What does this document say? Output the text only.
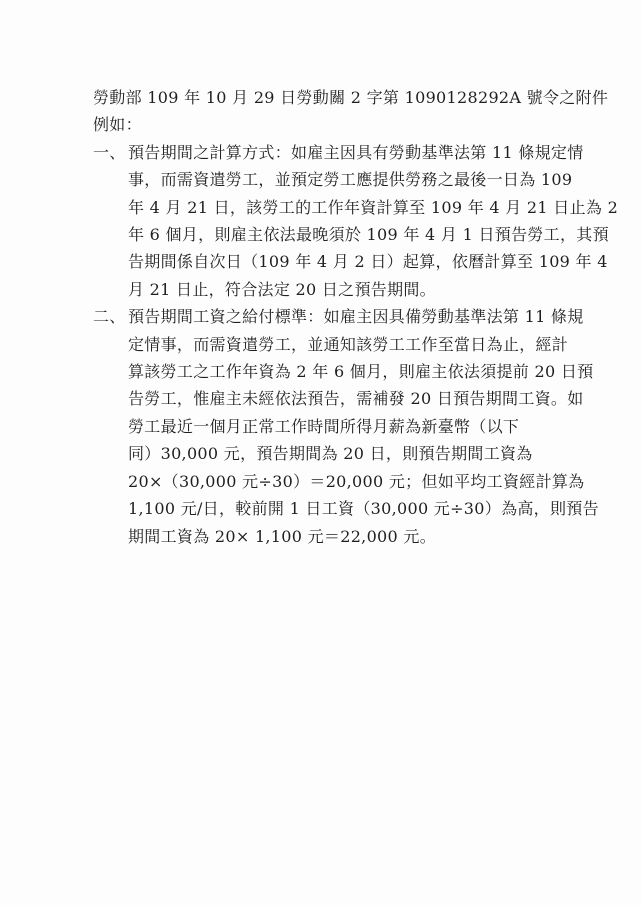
勞動部 109 年 10 月 29 日勞動關 2 字第 1090128292A 號令之附件
例如：
一、 預告期間之計算方式：如雇主因具有勞動基準法第 11 條規定情
事，而需資遣勞工，並預定勞工應提供勞務之最後一日為 109
年 4 月 21 日，該勞工的工作年資計算至 109 年 4 月 21 日止為 2
年 6 個月，則雇主依法最晚須於 109 年 4 月 1 日預告勞工，其預
告期間係自次日（109 年 4 月 2 日）起算，依曆計算至 109 年 4
月 21 日止，符合法定 20 日之預告期間。
二、 預告期間工資之給付標準：如雇主因具備勞動基準法第 11 條規
定情事，而需資遣勞工，並通知該勞工工作至當日為止，經計
算該勞工之工作年資為 2 年 6 個月，則雇主依法須提前 20 日預
告勞工，惟雇主未經依法預告，需補發 20 日預告期間工資。如
勞工最近一個月正常工作時間所得月薪為新臺幣（以下
同）30,000 元，預告期間為 20 日，則預告期間工資為
20×（30,000 元÷30）＝20,000 元；但如平均工資經計算為
1,100 元/日，較前開 1 日工資（30,000 元÷30）為高，則預告
期間工資為 20× 1,100 元＝22,000 元。
